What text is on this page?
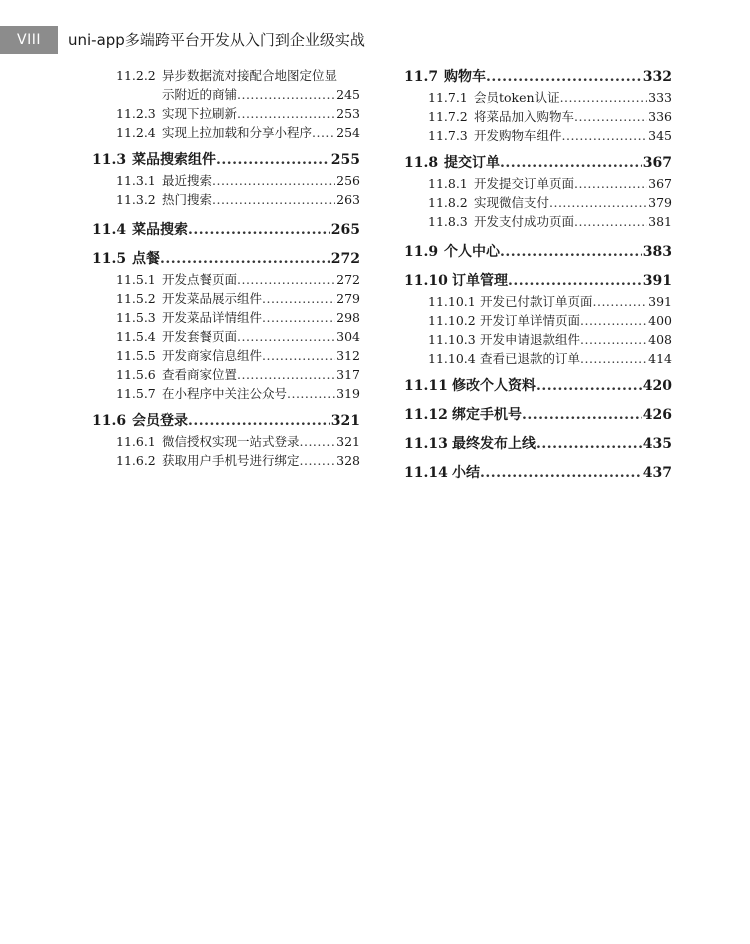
VIII	uni-app多端跨平台开发从入门到企业级实战
11.2.2 异步数据流对接配合地图定位显
示附近的商铺 .....	245
11.2.3 实现下拉刷新 .....	253
11.2.4 实现上拉加载和分享小程序 ..... 254
11.3 菜品搜索组件 .....	255
11.3.1 最近搜索 .....	256
11.3.2 热门搜索 .....	263
11.4 菜品搜索 .....	265
11.5 点餐 .....	272
11.5.1 开发点餐页面 .....	272
11.5.2 开发菜品展示组件 .....	279
11.5.3 开发菜品详情组件 .....	298
11.5.4 开发套餐页面 .....	304
11.5.5 开发商家信息组件 .....	312
11.5.6 查看商家位置 .....	317
11.5.7 在小程序中关注公众号 .....	319
11.6 会员登录 .....	321
11.6.1 微信授权实现一站式登录 .....	321
11.6.2 获取用户手机号进行绑定 .....	328
11.7 购物车 .....	332
11.7.1 会员token认证 .....	333
11.7.2 将菜品加入购物车 .....	336
11.7.3 开发购物车组件 .....	345
11.8 提交订单 .....	367
11.8.1 开发提交订单页面 .....	367
11.8.2 实现微信支付 .....	379
11.8.3 开发支付成功页面 .....	381
11.9 个人中心 .....	383
11.10 订单管理 .....	391
11.10.1 开发已付款订单页面 .....	391
11.10.2 开发订单详情页面 .....	400
11.10.3 开发申请退款组件 .....	408
11.10.4 查看已退款的订单 .....	414
11.11 修改个人资料 .....	420
11.12 绑定手机号 .....	426
11.13 最终发布上线 .....	435
11.14 小结 .....	437
